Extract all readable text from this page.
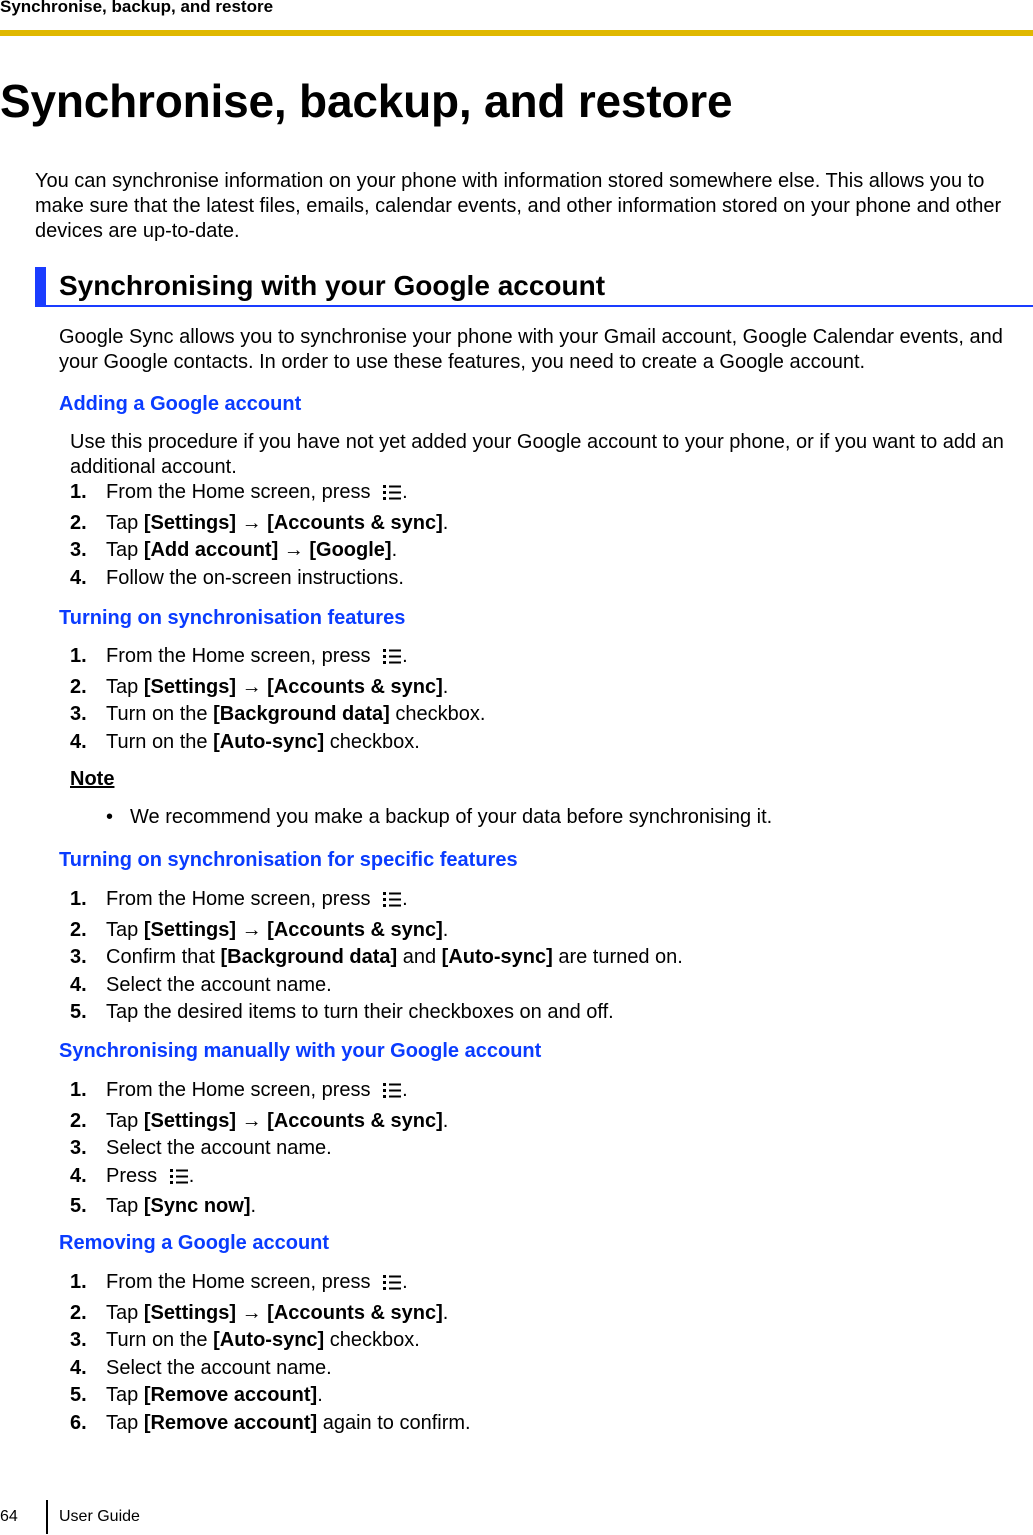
Synchronise, backup, and restore
Synchronise, backup, and restore

You can synchronise information on your phone with information stored somewhere else. This allows you to make sure that the latest files, emails, calendar events, and other information stored on your phone and other devices are up-to-date.

Synchronising with your Google account

Google Sync allows you to synchronise your phone with your Gmail account, Google Calendar events, and your Google contacts. In order to use these features, you need to create a Google account.

Adding a Google account

Use this procedure if you have not yet added your Google account to your phone, or if you want to add an additional account.

1. From the Home screen, press .
2. Tap [Settings] → [Accounts & sync].
3. Tap [Add account] → [Google].
4. Follow the on-screen instructions.
Turning on synchronisation features
1. From the Home screen, press .
2. Tap [Settings] → [Accounts & sync].
3. Turn on the [Background data] checkbox.
4. Turn on the [Auto-sync] checkbox.
Note
• We recommend you make a backup of your data before synchronising it.
Turning on synchronisation for specific features
1. From the Home screen, press .
2. Tap [Settings] → [Accounts & sync].
3. Confirm that [Background data] and [Auto-sync] are turned on.
4. Select the account name.
5. Tap the desired items to turn their checkboxes on and off.
Synchronising manually with your Google account
1. From the Home screen, press .
2. Tap [Settings] → [Accounts & sync].
3. Select the account name.
4. Press .
5. Tap [Sync now].
Removing a Google account
1. From the Home screen, press .
2. Tap [Settings] → [Accounts & sync].
3. Turn on the [Auto-sync] checkbox.
4. Select the account name.
5. Tap [Remove account].
6. Tap [Remove account] again to confirm.
64	User Guide
